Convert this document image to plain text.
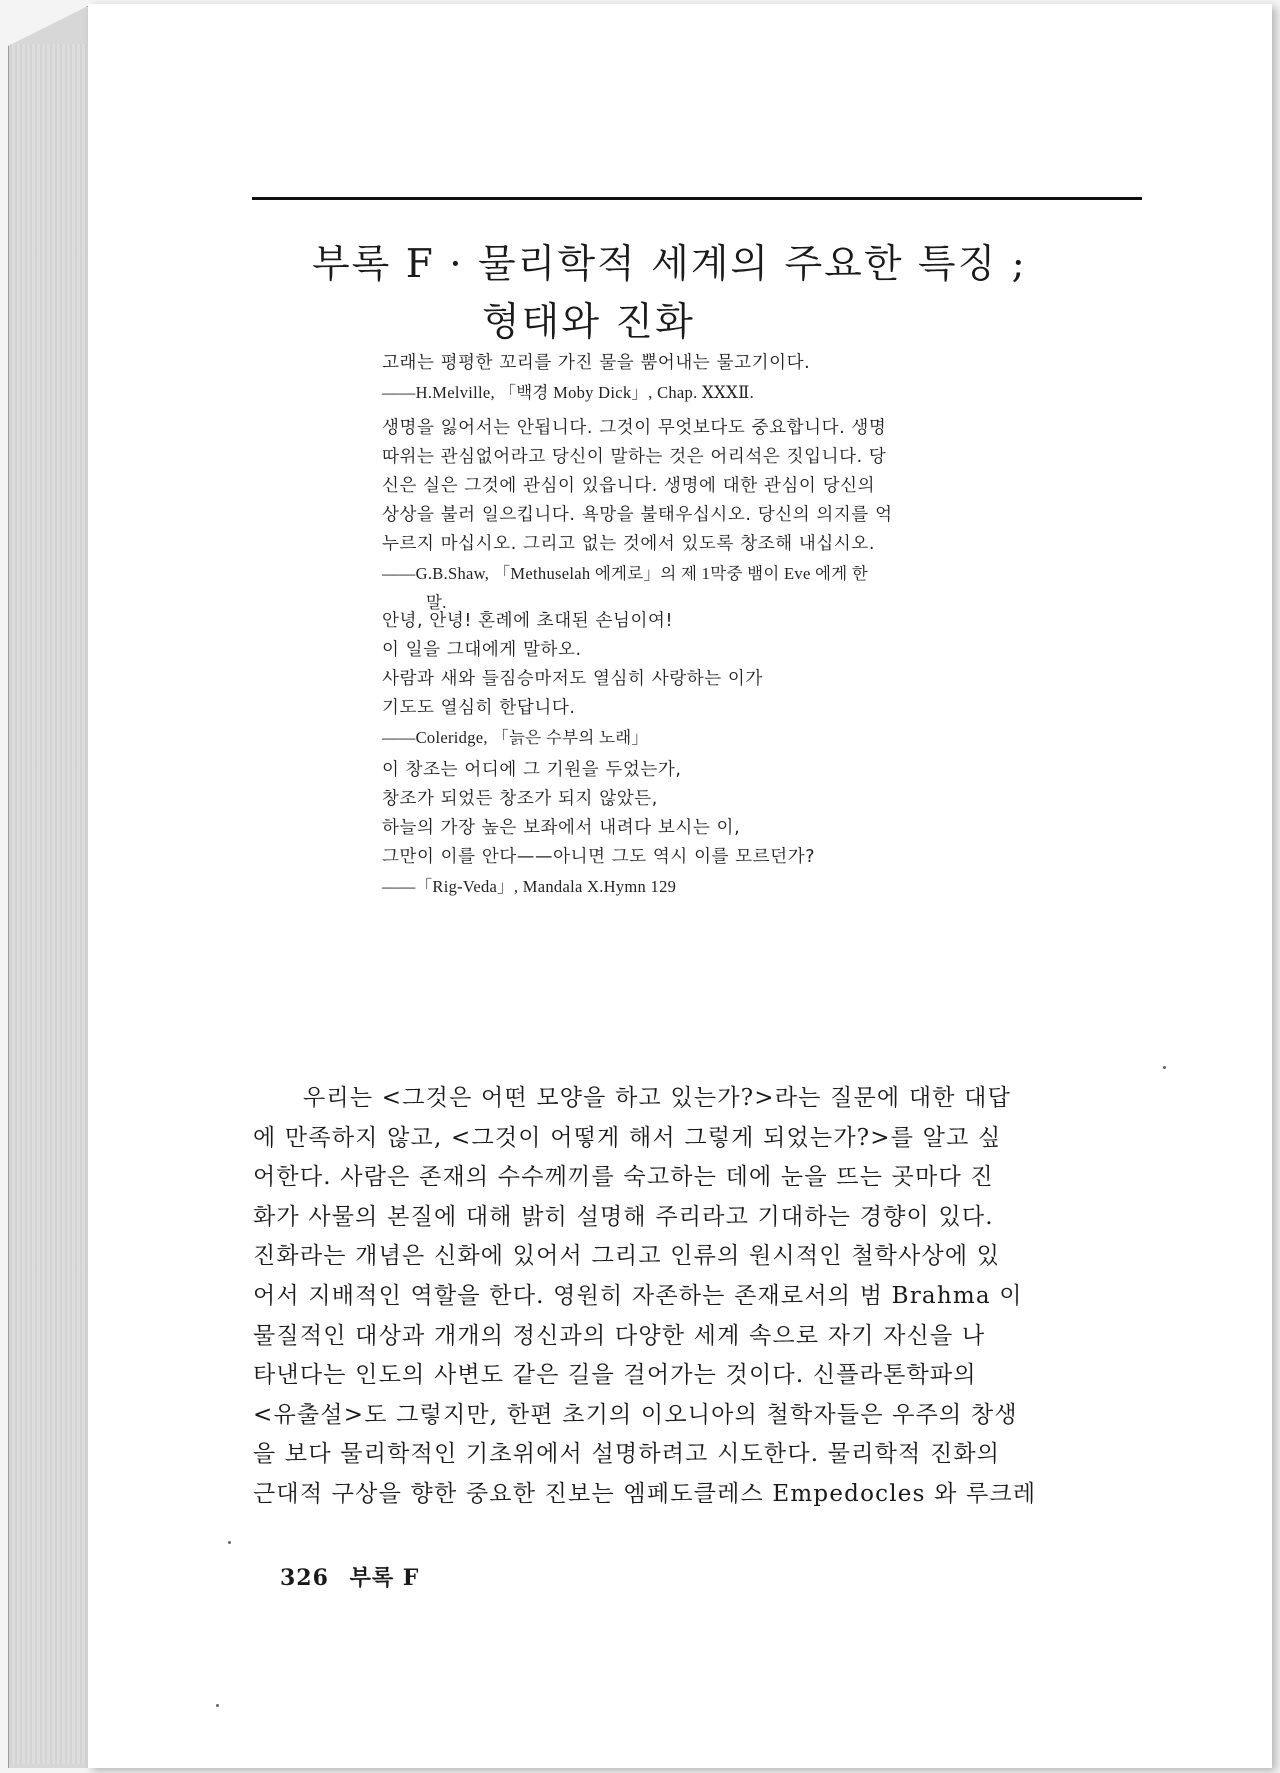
부록 F · 물리학적 세계의 주요한 특징 ;
형태와 진화

고래는 평평한 꼬리를 가진 물을 뿜어내는 물고기이다.

——H.Melville, 「백경 Moby Dick」, Chap. ⅩⅩⅩⅡ.

생명을 잃어서는 안됩니다. 그것이 무엇보다도 중요합니다. 생명

따위는 관심없어라고 당신이 말하는 것은 어리석은 짓입니다. 당

신은 실은 그것에 관심이 있읍니다. 생명에 대한 관심이 당신의

상상을 불러 일으킵니다. 욕망을 불태우십시오. 당신의 의지를 억

누르지 마십시오. 그리고 없는 것에서 있도록 창조해 내십시오.

——G.B.Shaw, 「Methuselah 에게로」의 제 1막중 뱀이 Eve 에게 한

말.

안녕, 안녕! 혼례에 초대된 손님이여!

이 일을 그대에게 말하오.

사람과 새와 들짐승마저도 열심히 사랑하는 이가

기도도 열심히 한답니다.

——Coleridge, 「늙은 수부의 노래」

이 창조는 어디에 그 기원을 두었는가,

창조가 되었든 창조가 되지 않았든,

하늘의 가장 높은 보좌에서 내려다 보시는 이,

그만이 이를 안다——아니면 그도 역시 이를 모르던가?

——「Rig-Veda」, Mandala X.Hymn 129

우리는 <그것은 어떤 모양을 하고 있는가?>라는 질문에 대한 대답

에 만족하지 않고, <그것이 어떻게 해서 그렇게 되었는가?>를 알고 싶

어한다. 사람은 존재의 수수께끼를 숙고하는 데에 눈을 뜨는 곳마다 진

화가 사물의 본질에 대해 밝히 설명해 주리라고 기대하는 경향이 있다.

진화라는 개념은 신화에 있어서 그리고 인류의 원시적인 철학사상에 있

어서 지배적인 역할을 한다. 영원히 자존하는 존재로서의 범 Brahma 이

물질적인 대상과 개개의 정신과의 다양한 세계 속으로 자기 자신을 나

타낸다는 인도의 사변도 같은 길을 걸어가는 것이다. 신플라톤학파의

<유출설>도 그렇지만, 한편 초기의 이오니아의 철학자들은 우주의 창생

을 보다 물리학적인 기초위에서 설명하려고 시도한다. 물리학적 진화의

근대적 구상을 향한 중요한 진보는 엠페도클레스 Empedocles 와 루크레

326 부록 F
